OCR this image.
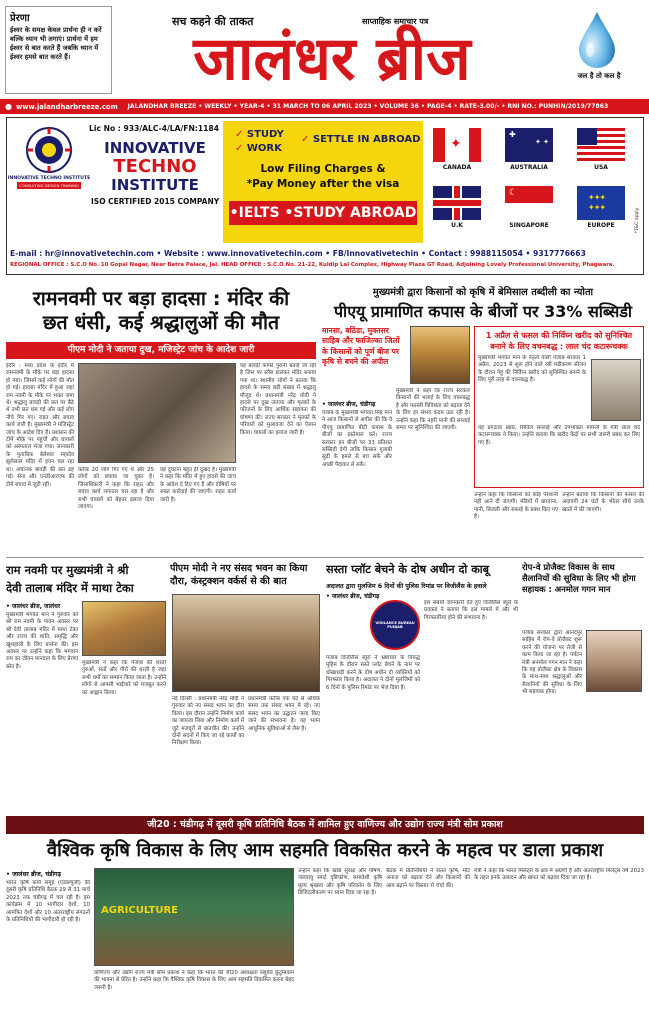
प्रेरणा
ईश्वर के समक्ष केवल प्रार्थना ही न करें बल्कि ध्यान भी लगाएं। प्रार्थना में हम ईश्वर से बात करते हैं जबकि ध्यान में ईश्वर हमसे बात करते हैं।
सच कहने की ताकत	साप्ताहिक समाचार पत्र
जालंधर ब्रीज	जल है तो कल है
● www.jalandharbreeze.com JALANDHAR BREEZE • WEEKLY • YEAR-4 • 31 MARCH TO 06 APRIL 2023 • VOLUME 36 • PAGE-4 • RATE-3.00/- • RNI NO.: PUNHIN/2019/77863
INNOVATIVE TECHNO INSTITUTE
CONSULTING DESIGN TRAINING
Lic No : 933/ALC-4/LA/FN:1184
INNOVATIVE
TECHNO
INSTITUTE
ISO CERTIFIED 2015 COMPANY
✓ STUDY
✓ WORK
✓ SETTLE IN ABROAD
Low Filing Charges &
*Pay Money after the visa
•IELTS •STUDY ABROAD
✦
CANADA
✚
✦ ✦
AUSTRALIA	USA
U.K
☾
SINGAPORE
✦✦✦
✦✦✦
EUROPE	*T&C apply
E-mail : hr@innovativetechin.com • Website : www.innovativetechin.com • FB/Innovativetechin • Contact : 9988115054 • 9317776663
REGIONAL OFFICE : S.C.O No. 10 Gopal Nagar, Near Batra Palace, Jal. HEAD OFFICE : S.C.O No. 21-22, Kuldip Lal Complex, Highway Plaza GT Road, Adjoining Lovely Professional University, Phagwara.
रामनवमी पर बड़ा हादसा : मंदिर की
छत धंसी, कई श्रद्धालुओं की मौत
पीएम मोदी ने जताया दुख, मजिस्ट्रेट जांच के आदेश जारी
इंदौर : मध्य प्रदेश के इंदौर में रामनवमी के मौके पर बड़ा हादसा हो गया। जिसमें कई लोगों की मौत हो गई। हादसा मंदिर में हुआ जहां राम नवमी के मौके पर भक्त जमा थे। श्रद्धालु बावड़ी की छत पर बैठे थे तभी छत धंस गई और कई लोग नीचे गिर गए। राहत और बचाव कार्य जारी है। मुख्यमंत्री ने मजिस्ट्रेट जांच के आदेश दिए हैं। प्रशासन की टीमें मौके पर पहुंचीं और घायलों को अस्पताल भेजा गया। जानकारी के मुताबिक बेलेश्वर महादेव झूलेलाल मंदिर में हवन चल रहा था। अचानक बावड़ी की छत ढह गई। सेना और एनडीआरएफ की टीमें बचाव में जुटी रहीं।
यह बावड़ी काफी पुरानी बताई जा रही है जिस पर स्लैब डालकर मंदिर बनाया गया था। स्थानीय लोगों ने बताया कि हादसे के समय बड़ी संख्या में श्रद्धालु मौजूद थे। प्रधानमंत्री नरेंद्र मोदी ने हादसे पर दुख जताया और मृतकों के परिजनों के लिए आर्थिक सहायता की घोषणा की। राज्य सरकार ने मृतकों के परिवारों को मुआवजा देने का ऐलान किया। घायलों का इलाज जारी है।
करीब 20 लोग गिर गए थे और 25 लोगों को बचाया जा चुका है। जिलाधिकारी ने कहा कि राहत और बचाव कार्य लगातार चल रहा है और सभी घायलों को बेहतर इलाज दिया जाएगा।
यह दुर्घटना बहुत ही दुखद है। मुख्यमंत्री ने कहा कि मंदिर में हुए हादसे की जांच के आदेश दे दिए गए हैं और दोषियों पर सख्त कार्रवाई की जाएगी। राहत कार्य जारी है।
मुख्यमंत्री द्वारा किसानों को कृषि में बेमिसाल तब्दीली का न्योता
पीएयू प्रामाणित कपास के बीजों पर 33% सब्सिडी
मानसा, बठिंडा, मुक्तसर साहिब और फाजिल्का जिलों के किसानों को पूर्ण बीज पर कृषि से बचने की अपील
• जालंधर ब्रीज, चंडीगढ़
पंजाब के मुख्यमंत्री भगवंत सिंह मान ने आज किसानों से अपील की कि वे पीएयू प्रामाणित बीटी कपास के बीजों का इस्तेमाल करें। राज्य सरकार इन बीजों पर 33 प्रतिशत सब्सिडी देगी ताकि किसान गुलाबी सुंडी के हमले से बच सकें और अच्छी पैदावार ले सकें।
मुख्यमंत्री ने कहा कि राज्य सरकार किसानों की भलाई के लिए वचनबद्ध है और फसली विविधता को बढ़ावा देने के लिए हर संभव कदम उठा रही है। उन्होंने कहा कि नहरी पानी की सप्लाई समय पर सुनिश्चित की जाएगी।
1 अप्रैल से फसल की निर्विघ्न खरीद को सुनिश्चित बनाने के लिए वचनबद्ध : लाल चंद कटारूचक्क
मुख्यमंत्री भगवंत मान के नेतृत्व वाली पंजाब सरकार 1 अप्रैल, 2023 से शुरू होने वाले रबी मंडीकरण सीजन के दौरान गेहूं की निर्विघ्न खरीद को सुनिश्चित बनाने के लिए पूरी तरह से वचनबद्ध है।
यह प्रगटावा खाद्य, सिविल सप्लाई और उपभोक्ता मामलों के मंत्री लाल चंद कटारूचक्क ने किया। उन्होंने बताया कि खरीद केंद्रों पर सभी जरूरी प्रबंध कर लिए गए हैं।
उन्होंने कहा कि किसानों को कोई परेशानी नहीं आने दी जाएगी। मंडियों में बारदाना, पानी, बिजली और सफाई के प्रबंध किए गए हैं।
उन्होंने बताया कि किसानों की फसल की अदायगी 24 घंटों के भीतर सीधे उनके खातों में की जाएगी।
राम नवमी पर मुख्यमंत्री ने श्री
देवी तालाब मंदिर में माथा टेका
• जालंधर ब्रीज, जालंधर
मुख्यमंत्री भगवंत मान ने गुरुवार को श्री राम नवमी के पावन अवसर पर श्री देवी तालाब मंदिर में माथा टेका और राज्य की शांति, समृद्धि और खुशहाली के लिए प्रार्थना की। इस अवसर पर उन्होंने कहा कि भगवान राम का जीवन मानवता के लिए प्रेरणा स्रोत है।
मुख्यमंत्री ने कहा कि पंजाब की धरती गुरुओं, संतों और पीरों की धरती है जहां सभी धर्मों का सम्मान किया जाता है। उन्होंने लोगों से आपसी भाईचारे को मजबूत करने का आह्वान किया।
पीएम मोदी ने नए संसद भवन का किया दौरा, कंस्ट्रक्शन वर्कर्स से की बात
नई दिल्ली : प्रधानमंत्री नरेंद्र मोदी ने गुरुवार को नए संसद भवन का दौरा किया। इस दौरान उन्होंने निर्माण कार्य का जायजा लिया और निर्माण कार्य में जुटे मजदूरों से बातचीत की। उन्होंने दोनों सदनों में किए जा रहे कार्यों का निरीक्षण किया।
प्रधानमंत्री करीब एक घंटे से अधिक समय तक संसद भवन में रहे। नए संसद भवन का उद्घाटन जल्द किए जाने की संभावना है। यह भवन आधुनिक सुविधाओं से लैस है।
सस्ता प्लॉट बेचने के दोष अधीन दो काबू
अदालत द्वारा मुलजिम 6 दिनों की पुलिस रिमांड पर विजीलैंस के हवाले
• जालंधर ब्रीज, चंडीगढ़
VIGILANCE BUREAU PUNJAB
पंजाब विजीलैंस ब्यूरो ने भ्रष्टाचार के विरुद्ध मुहिम के दौरान सस्ते प्लॉट बेचने के नाम पर धोखाधड़ी करने के दोष अधीन दो व्यक्तियों को गिरफ्तार किया है। अदालत ने दोनों मुलजिमों को 6 दिनों के पुलिस रिमांड पर भेज दिया है।
इस संबंधी जानकारी देते हुए विजीलैंस ब्यूरो के प्रवक्ता ने बताया कि इस मामले में और भी गिरफ्तारियां होने की संभावना है।
रोप-वे प्रोजैक्ट विकास के साथ सैलानियों की सुविधा के लिए भी होगा सहायक : अनमोल गगन मान
पंजाब सरकार द्वारा आनंदपुर साहिब में रोप-वे प्रोजैक्ट शुरू करने की योजना पर तेजी से काम किया जा रहा है। पर्यटन मंत्री अनमोल गगन मान ने कहा कि यह प्रोजैक्ट क्षेत्र के विकास के साथ-साथ श्रद्धालुओं और सैलानियों की सुविधा के लिए भी सहायक होगा।
जी20 : चंडीगढ़ में दूसरी कृषि प्रतिनिधि बैठक में शामिल हुए वाणिज्य और उद्योग राज्य मंत्री सोम प्रकाश
वैश्विक कृषि विकास के लिए आम सहमति विकसित करने के महत्व पर डाला प्रकाश
• जालंधर ब्रीज, चंडीगढ़
भारत कृषि कार्य समूह (एडब्ल्यूजी) की दूसरी कृषि प्रतिनिधि बैठक 29 से 31 मार्च 2023 तक चंडीगढ़ में चल रही है। इस कार्यक्रम में 10 भागीदार देशों, 10 आमंत्रित देशों और 10 अंतरराष्ट्रीय संगठनों के प्रतिनिधियों की भागीदारी हो रही है।
AGRICULTURE
वाणिज्य और उद्योग राज्य मंत्री सोम प्रकाश ने कहा कि भारत की जी20 अध्यक्षता वसुधैव कुटुम्बकम की भावना से प्रेरित है। उन्होंने कहा कि वैश्विक कृषि विकास के लिए आम सहमति विकसित करना बेहद जरूरी है।
उन्होंने कहा कि खाद्य सुरक्षा और पोषण, जलवायु स्मार्ट दृष्टिकोण, समावेशी कृषि मूल्य श्रृंखला और कृषि परिवर्तन के लिए डिजिटलीकरण पर ध्यान दिया जा रहा है।
बैठक में प्रतिनिधियों ने सतत कृषि, मोटे अनाज को बढ़ावा देने और किसानों की आय बढ़ाने पर विस्तार से चर्चा की।
मंत्री ने कहा कि भारत मिलेट्स के क्षेत्र में अग्रणी है और अंतरराष्ट्रीय मिलेट्स वर्ष 2023 के तहत इनके उत्पादन और खपत को बढ़ावा दिया जा रहा है।
